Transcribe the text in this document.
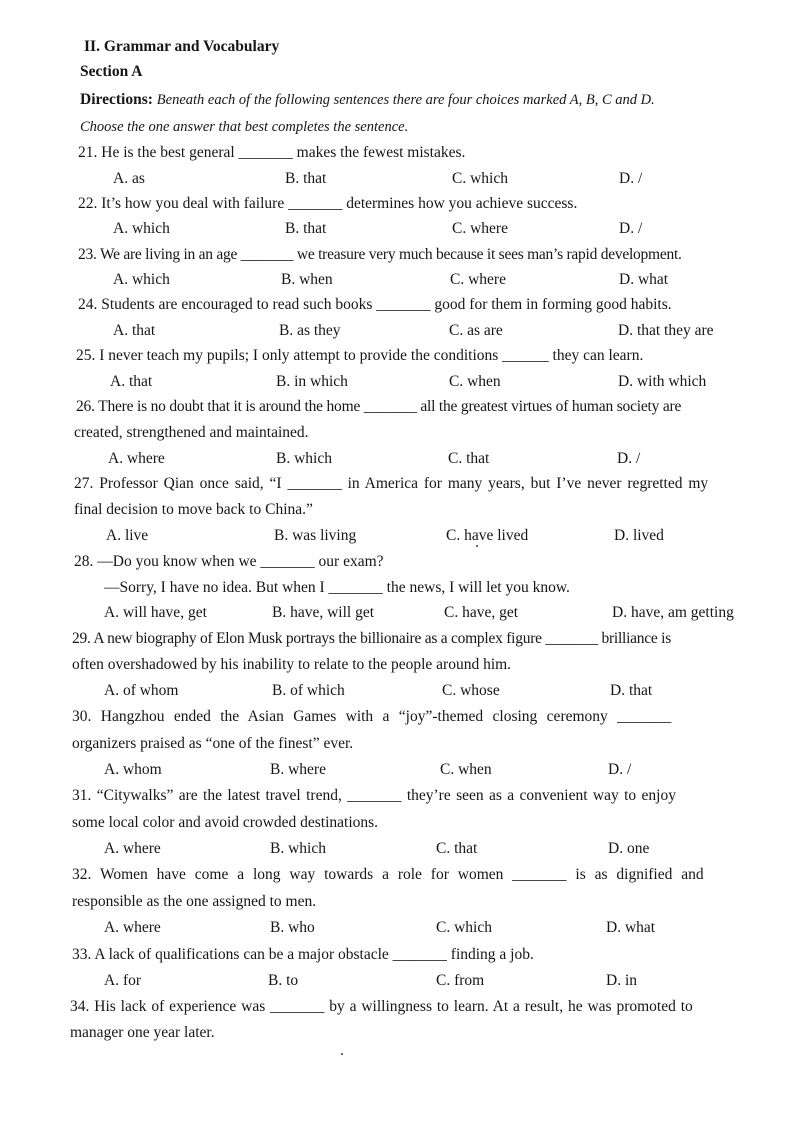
II. Grammar and Vocabulary
Section A
Directions: Beneath each of the following sentences there are four choices marked A, B, C and D.
Choose the one answer that best completes the sentence.
21. He is the best general _______ makes the fewest mistakes.
A. as	B. that	C. which	D. /
22. It’s how you deal with failure _______ determines how you achieve success.
A. which	B. that	C. where	D. /
23. We are living in an age _______ we treasure very much because it sees man’s rapid development.
A. which	B. when	C. where	D. what
24. Students are encouraged to read such books _______ good for them in forming good habits.
A. that	B. as they	C. as are	D. that they are
25. I never teach my pupils; I only attempt to provide the conditions ______ they can learn.
A. that	B. in which	C. when	D. with which
26. There is no doubt that it is around the home _______ all the greatest virtues of human society are
created, strengthened and maintained.
A. where	B. which	C. that	D. /
27. Professor Qian once said, “I _______ in America for many years, but I’ve never regretted my
final decision to move back to China.”
A. live	B. was living	C. have lived	D. lived
28. —Do you know when we _______ our exam?
—Sorry, I have no idea. But when I _______ the news, I will let you know.
A. will have, get	B. have, will get	C. have, get	D. have, am getting
29. A new biography of Elon Musk portrays the billionaire as a complex figure _______ brilliance is
often overshadowed by his inability to relate to the people around him.
A. of whom	B. of which	C. whose	D. that
30. Hangzhou ended the Asian Games with a “joy”-themed closing ceremony _______
organizers praised as “one of the finest” ever.
A. whom	B. where	C. when	D. /
31. “Citywalks” are the latest travel trend, _______ they’re seen as a convenient way to enjoy
some local color and avoid crowded destinations.
A. where	B. which	C. that	D. one
32. Women have come a long way towards a role for women _______ is as dignified and
responsible as the one assigned to men.
A. where	B. who	C. which	D. what
33. A lack of qualifications can be a major obstacle _______ finding a job.
A. for	B. to	C. from	D. in
34. His lack of experience was _______ by a willingness to learn. At a result, he was promoted to
manager one year later.
